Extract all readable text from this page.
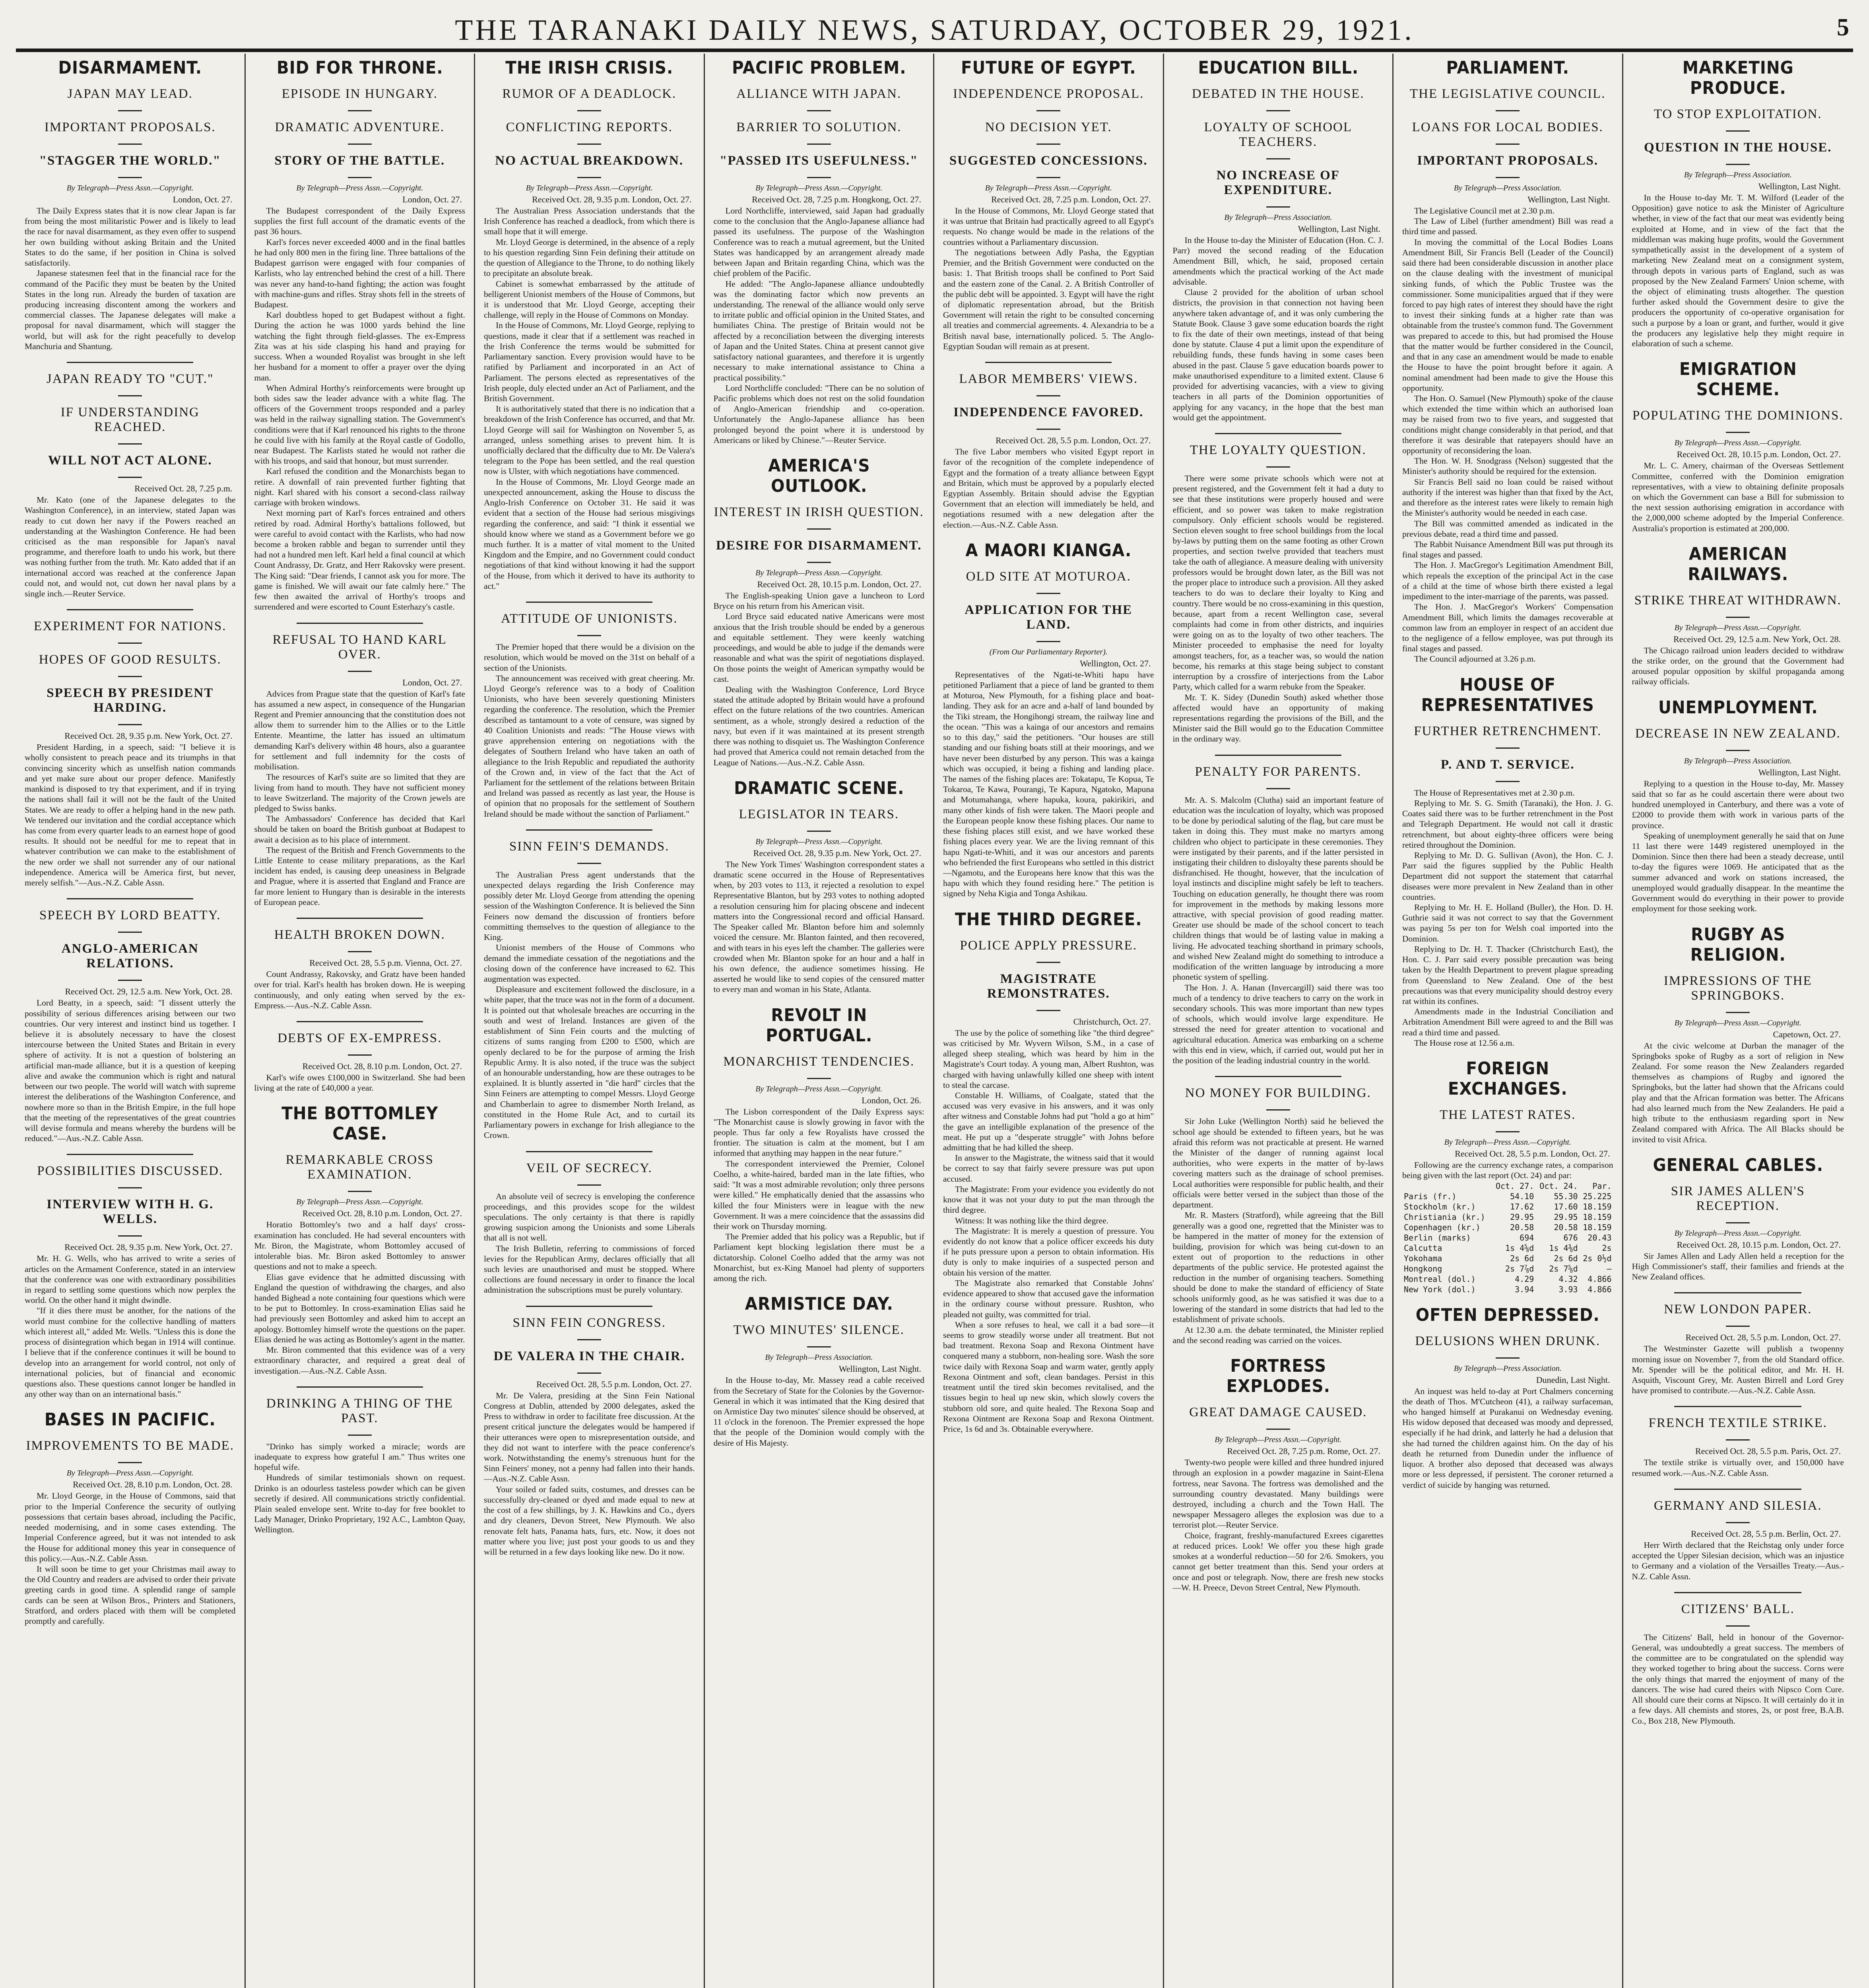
THE TARANAKI DAILY NEWS, SATURDAY, OCTOBER 29, 1921.	5
DISARMAMENT.
JAPAN MAY LEAD.
IMPORTANT PROPOSALS.
"STAGGER THE WORLD."
By Telegraph—Press Assn.—Copyright.
London, Oct. 27.

The Daily Express states that it is now clear Japan is far from being the most militaristic Power and is likely to lead the race for naval disarmament, as they even offer to suspend her own building without asking Britain and the United States to do the same, if her position in China is solved satisfactorily.

Japanese statesmen feel that in the financial race for the command of the Pacific they must be beaten by the United States in the long run. Already the burden of taxation are producing increasing discontent among the workers and commercial classes. The Japanese delegates will make a proposal for naval disarmament, which will stagger the world, but will ask for the right peacefully to develop Manchuria and Shantung.

JAPAN READY TO "CUT."
IF UNDERSTANDING REACHED.
WILL NOT ACT ALONE.
Received Oct. 28, 7.25 p.m.

Mr. Kato (one of the Japanese delegates to the Washington Conference), in an interview, stated Japan was ready to cut down her navy if the Powers reached an understanding at the Washington Conference. He had been criticised as the man responsible for Japan's naval programme, and therefore loath to undo his work, but there was nothing further from the truth. Mr. Kato added that if an international accord was reached at the conference Japan could not, and would not, cut down her naval plans by a single inch.—Reuter Service.

EXPERIMENT FOR NATIONS.
HOPES OF GOOD RESULTS.
SPEECH BY PRESIDENT HARDING.
Received Oct. 28, 9.35 p.m. New York, Oct. 27.

President Harding, in a speech, said: "I believe it is wholly consistent to preach peace and its triumphs in that convincing sincerity which as unselfish nation commands and yet make sure about our proper defence. Manifestly mankind is disposed to try that experiment, and if in trying the nations shall fail it will not be the fault of the United States. We are ready to offer a helping hand in the new path. We tendered our invitation and the cordial acceptance which has come from every quarter leads to an earnest hope of good results. It should not be needful for me to repeat that in whatever contribution we can make to the establishment of the new order we shall not surrender any of our national independence. America will be America first, but never, merely selfish."—Aus.-N.Z. Cable Assn.

SPEECH BY LORD BEATTY.
ANGLO-AMERICAN RELATIONS.
Received Oct. 29, 12.5 a.m. New York, Oct. 28.

Lord Beatty, in a speech, said: "I dissent utterly the possibility of serious differences arising between our two countries. Our very interest and instinct bind us together. I believe it is absolutely necessary to have the closest intercourse between the United States and Britain in every sphere of activity. It is not a question of bolstering an artificial man-made alliance, but it is a question of keeping alive and awake the communion which is right and natural between our two people. The world will watch with supreme interest the deliberations of the Washington Conference, and nowhere more so than in the British Empire, in the full hope that the meeting of the representatives of the great countries will devise formula and means whereby the burdens will be reduced."—Aus.-N.Z. Cable Assn.

POSSIBILITIES DISCUSSED.
INTERVIEW WITH H. G. WELLS.
Received Oct. 28, 9.35 p.m. New York, Oct. 27.

Mr. H. G. Wells, who has arrived to write a series of articles on the Armament Conference, stated in an interview that the conference was one with extraordinary possibilities in regard to settling some questions which now perplex the world. On the other hand it might dwindle.

"If it dies there must be another, for the nations of the world must combine for the collective handling of matters which interest all," added Mr. Wells. "Unless this is done the process of disintegration which began in 1914 will continue. I believe that if the conference continues it will be bound to develop into an arrangement for world control, not only of international policies, but of financial and economic questions also. These questions cannot longer be handled in any other way than on an international basis."

BASES IN PACIFIC.
IMPROVEMENTS TO BE MADE.
By Telegraph—Press Assn.—Copyright.
Received Oct. 28, 8.10 p.m. London, Oct. 28.

Mr. Lloyd George, in the House of Commons, said that prior to the Imperial Conference the security of outlying possessions that certain bases abroad, including the Pacific, needed modernising, and in some cases extending. The Imperial Conference agreed, but it was not intended to ask the House for additional money this year in consequence of this policy.—Aus.-N.Z. Cable Assn.

It will soon be time to get your Christmas mail away to the Old Country and readers are advised to order their private greeting cards in good time. A splendid range of sample cards can be seen at Wilson Bros., Printers and Stationers, Stratford, and orders placed with them will be completed promptly and carefully.

BID FOR THRONE.
EPISODE IN HUNGARY.
DRAMATIC ADVENTURE.
STORY OF THE BATTLE.
By Telegraph—Press Assn.—Copyright.
London, Oct. 27.

The Budapest correspondent of the Daily Express supplies the first full account of the dramatic events of the past 36 hours.

Karl's forces never exceeded 4000 and in the final battles he had only 800 men in the firing line. Three battalions of the Budapest garrison were engaged with four companies of Karlists, who lay entrenched behind the crest of a hill. There was never any hand-to-hand fighting; the action was fought with machine-guns and rifles. Stray shots fell in the streets of Budapest.

Karl doubtless hoped to get Budapest without a fight. During the action he was 1000 yards behind the line watching the fight through field-glasses. The ex-Empress Zita was at his side clasping his hand and praying for success. When a wounded Royalist was brought in she left her husband for a moment to offer a prayer over the dying man.

When Admiral Horthy's reinforcements were brought up both sides saw the leader advance with a white flag. The officers of the Government troops responded and a parley was held in the railway signalling station. The Government's conditions were that if Karl renounced his rights to the throne he could live with his family at the Royal castle of Godollo, near Budapest. The Karlists stated he would not rather die with his troops, and said that honour, but must surrender.

Karl refused the condition and the Monarchists began to retire. A downfall of rain prevented further fighting that night. Karl shared with his consort a second-class railway carriage with broken windows.

Next morning part of Karl's forces entrained and others retired by road. Admiral Horthy's battalions followed, but were careful to avoid contact with the Karlists, who had now become a broken rabble and began to surrender until they had not a hundred men left. Karl held a final council at which Count Andrassy, Dr. Gratz, and Herr Rakovsky were present. The King said: "Dear friends, I cannot ask you for more. The game is finished. We will await our fate calmly here." The few then awaited the arrival of Horthy's troops and surrendered and were escorted to Count Esterhazy's castle.

REFUSAL TO HAND KARL OVER.
London, Oct. 27.

Advices from Prague state that the question of Karl's fate has assumed a new aspect, in consequence of the Hungarian Regent and Premier announcing that the constitution does not allow them to surrender him to the Allies or to the Little Entente. Meantime, the latter has issued an ultimatum demanding Karl's delivery within 48 hours, also a guarantee for settlement and full indemnity for the costs of mobilisation.

The resources of Karl's suite are so limited that they are living from hand to mouth. They have not sufficient money to leave Switzerland. The majority of the Crown jewels are pledged to Swiss banks.

The Ambassadors' Conference has decided that Karl should be taken on board the British gunboat at Budapest to await a decision as to his place of internment.

The request of the British and French Governments to the Little Entente to cease military preparations, as the Karl incident has ended, is causing deep uneasiness in Belgrade and Prague, where it is asserted that England and France are far more lenient to Hungary than is desirable in the interests of European peace.

HEALTH BROKEN DOWN.
Received Oct. 28, 5.5 p.m. Vienna, Oct. 27.

Count Andrassy, Rakovsky, and Gratz have been handed over for trial. Karl's health has broken down. He is weeping continuously, and only eating when served by the ex-Empress.—Aus.-N.Z. Cable Assn.

DEBTS OF EX-EMPRESS.
Received Oct. 28, 8.10 p.m. London, Oct. 27.

Karl's wife owes £100,000 in Switzerland. She had been living at the rate of £40,000 a year.

THE BOTTOMLEY CASE.
REMARKABLE CROSS EXAMINATION.
By Telegraph—Press Assn.—Copyright.
Received Oct. 28, 8.10 p.m. London, Oct. 27.

Horatio Bottomley's two and a half days' cross-examination has concluded. He had several encounters with Mr. Biron, the Magistrate, whom Bottomley accused of intolerable bias. Mr. Biron asked Bottomley to answer questions and not to make a speech.

Elias gave evidence that he admitted discussing with England the question of withdrawing the charges, and also handed Bighead a note containing four questions which were to be put to Bottomley. In cross-examination Elias said he had previously seen Bottomley and asked him to accept an apology. Bottomley himself wrote the questions on the paper. Elias denied he was acting as Bottomley's agent in the matter.

Mr. Biron commented that this evidence was of a very extraordinary character, and required a great deal of investigation.—Aus.-N.Z. Cable Assn.

DRINKING A THING OF THE PAST.

"Drinko has simply worked a miracle; words are inadequate to express how grateful I am." Thus writes one hopeful wife.

Hundreds of similar testimonials shown on request. Drinko is an odourless tasteless powder which can be given secretly if desired. All communications strictly confidential. Plain sealed envelope sent. Write to-day for free booklet to Lady Manager, Drinko Proprietary, 192 A.C., Lambton Quay, Wellington.

THE IRISH CRISIS.
RUMOR OF A DEADLOCK.
CONFLICTING REPORTS.
NO ACTUAL BREAKDOWN.
By Telegraph—Press Assn.—Copyright.
Received Oct. 28, 9.35 p.m. London, Oct. 27.

The Australian Press Association understands that the Irish Conference has reached a deadlock, from which there is small hope that it will emerge.

Mr. Lloyd George is determined, in the absence of a reply to his question regarding Sinn Fein defining their attitude on the question of Allegiance to the Throne, to do nothing likely to precipitate an absolute break.

Cabinet is somewhat embarrassed by the attitude of belligerent Unionist members of the House of Commons, but it is understood that Mr. Lloyd George, accepting their challenge, will reply in the House of Commons on Monday.

In the House of Commons, Mr. Lloyd George, replying to questions, made it clear that if a settlement was reached in the Irish Conference the terms would be submitted for Parliamentary sanction. Every provision would have to be ratified by Parliament and incorporated in an Act of Parliament. The persons elected as representatives of the Irish people, duly elected under an Act of Parliament, and the British Government.

It is authoritatively stated that there is no indication that a breakdown of the Irish Conference has occurred, and that Mr. Lloyd George will sail for Washington on November 5, as arranged, unless something arises to prevent him. It is unofficially declared that the difficulty due to Mr. De Valera's telegram to the Pope has been settled, and the real question now is Ulster, with which negotiations have commenced.

In the House of Commons, Mr. Lloyd George made an unexpected announcement, asking the House to discuss the Anglo-Irish Conference on October 31. He said it was evident that a section of the House had serious misgivings regarding the conference, and said: "I think it essential we should know where we stand as a Government before we go much further. It is a matter of vital moment to the United Kingdom and the Empire, and no Government could conduct negotiations of that kind without knowing it had the support of the House, from which it derived to have its authority to act."

ATTITUDE OF UNIONISTS.

The Premier hoped that there would be a division on the resolution, which would be moved on the 31st on behalf of a section of the Unionists.

The announcement was received with great cheering. Mr. Lloyd George's reference was to a body of Coalition Unionists, who have been severely questioning Ministers regarding the conference. The resolution, which the Premier described as tantamount to a vote of censure, was signed by 40 Coalition Unionists and reads: "The House views with grave apprehension entering on negotiations with the delegates of Southern Ireland who have taken an oath of allegiance to the Irish Republic and repudiated the authority of the Crown and, in view of the fact that the Act of Parliament for the settlement of the relations between Britain and Ireland was passed as recently as last year, the House is of opinion that no proposals for the settlement of Southern Ireland should be made without the sanction of Parliament."

SINN FEIN'S DEMANDS.

The Australian Press agent understands that the unexpected delays regarding the Irish Conference may possibly deter Mr. Lloyd George from attending the opening session of the Washington Conference. It is believed the Sinn Feiners now demand the discussion of frontiers before committing themselves to the question of allegiance to the King.

Unionist members of the House of Commons who demand the immediate cessation of the negotiations and the closing down of the conference have increased to 62. This augmentation was expected.

Displeasure and excitement followed the disclosure, in a white paper, that the truce was not in the form of a document. It is pointed out that wholesale breaches are occurring in the south and west of Ireland. Instances are given of the establishment of Sinn Fein courts and the mulcting of citizens of sums ranging from £200 to £500, which are openly declared to be for the purpose of arming the Irish Republic Army. It is also noted, if the truce was the subject of an honourable understanding, how are these outrages to be explained. It is bluntly asserted in "die hard" circles that the Sinn Feiners are attempting to compel Messrs. Lloyd George and Chamberlain to agree to dismember North Ireland, as constituted in the Home Rule Act, and to curtail its Parliamentary powers in exchange for Irish allegiance to the Crown.

VEIL OF SECRECY.

An absolute veil of secrecy is enveloping the conference proceedings, and this provides scope for the wildest speculations. The only certainty is that there is rapidly growing suspicion among the Unionists and some Liberals that all is not well.

The Irish Bulletin, referring to commissions of forced levies for the Republican Army, declares officially that all such levies are unauthorised and must be stopped. Where collections are found necessary in order to finance the local administration the subscriptions must be purely voluntary.

SINN FEIN CONGRESS.
DE VALERA IN THE CHAIR.
Received Oct. 28, 5.5 p.m. London, Oct. 27.

Mr. De Valera, presiding at the Sinn Fein National Congress at Dublin, attended by 2000 delegates, asked the Press to withdraw in order to facilitate free discussion. At the present critical juncture the delegates would be hampered if their utterances were open to misrepresentation outside, and they did not want to interfere with the peace conference's work. Notwithstanding the enemy's strenuous hunt for the Sinn Feiners' money, not a penny had fallen into their hands.—Aus.-N.Z. Cable Assn.

Your soiled or faded suits, costumes, and dresses can be successfully dry-cleaned or dyed and made equal to new at the cost of a few shillings, by J. K. Hawkins and Co., dyers and dry cleaners, Devon Street, New Plymouth. We also renovate felt hats, Panama hats, furs, etc. Now, it does not matter where you live; just post your goods to us and they will be returned in a few days looking like new. Do it now.

PACIFIC PROBLEM.
ALLIANCE WITH JAPAN.
BARRIER TO SOLUTION.
"PASSED ITS USEFULNESS."
By Telegraph—Press Assn.—Copyright.
Received Oct. 28, 7.25 p.m. Hongkong, Oct. 27.

Lord Northcliffe, interviewed, said Japan had gradually come to the conclusion that the Anglo-Japanese alliance had passed its usefulness. The purpose of the Washington Conference was to reach a mutual agreement, but the United States was handicapped by an arrangement already made between Japan and Britain regarding China, which was the chief problem of the Pacific.

He added: "The Anglo-Japanese alliance undoubtedly was the dominating factor which now prevents an understanding. The renewal of the alliance would only serve to irritate public and official opinion in the United States, and humiliates China. The prestige of Britain would not be affected by a reconciliation between the diverging interests of Japan and the United States. China at present cannot give satisfactory national guarantees, and therefore it is urgently necessary to make international assistance to China a practical possibility."

Lord Northcliffe concluded: "There can be no solution of Pacific problems which does not rest on the solid foundation of Anglo-American friendship and co-operation. Unfortunately the Anglo-Japanese alliance has been prolonged beyond the point where it is understood by Americans or liked by Chinese."—Reuter Service.

AMERICA'S OUTLOOK.
INTEREST IN IRISH QUESTION.
DESIRE FOR DISARMAMENT.
By Telegraph—Press Assn.—Copyright.
Received Oct. 28, 10.15 p.m. London, Oct. 27.

The English-speaking Union gave a luncheon to Lord Bryce on his return from his American visit.

Lord Bryce said educated native Americans were most anxious that the Irish trouble should be ended by a generous and equitable settlement. They were keenly watching proceedings, and would be able to judge if the demands were reasonable and what was the spirit of negotiations displayed. On those points the weight of American sympathy would be cast.

Dealing with the Washington Conference, Lord Bryce stated the attitude adopted by Britain would have a profound effect on the future relations of the two countries. American sentiment, as a whole, strongly desired a reduction of the navy, but even if it was maintained at its present strength there was nothing to disquiet us. The Washington Conference had proved that America could not remain detached from the League of Nations.—Aus.-N.Z. Cable Assn.

DRAMATIC SCENE.
LEGISLATOR IN TEARS.
By Telegraph—Press Assn.—Copyright.
Received Oct. 28, 9.35 p.m. New York, Oct. 27.

The New York Times' Washington correspondent states a dramatic scene occurred in the House of Representatives when, by 203 votes to 113, it rejected a resolution to expel Representative Blanton, but by 293 votes to nothing adopted a resolution censuring him for placing obscene and indecent matters into the Congressional record and official Hansard. The Speaker called Mr. Blanton before him and solemnly voiced the censure. Mr. Blanton fainted, and then recovered, and with tears in his eyes left the chamber. The galleries were crowded when Mr. Blanton spoke for an hour and a half in his own defence, the audience sometimes hissing. He asserted he would like to send copies of the censured matter to every man and woman in his State, Atlanta.

REVOLT IN PORTUGAL.
MONARCHIST TENDENCIES.
By Telegraph—Press Assn.—Copyright.
London, Oct. 26.

The Lisbon correspondent of the Daily Express says: "The Monarchist cause is slowly growing in favor with the people. Thus far only a few Royalists have crossed the frontier. The situation is calm at the moment, but I am informed that anything may happen in the near future."

The correspondent interviewed the Premier, Colonel Coelho, a white-haired, barded man in the late fifties, who said: "It was a most admirable revolution; only three persons were killed." He emphatically denied that the assassins who killed the four Ministers were in league with the new Government. It was a mere coincidence that the assassins did their work on Thursday morning.

The Premier added that his policy was a Republic, but if Parliament kept blocking legislation there must be a dictatorship. Colonel Coelho added that the army was not Monarchist, but ex-King Manoel had plenty of supporters among the rich.

ARMISTICE DAY.
TWO MINUTES' SILENCE.
By Telegraph—Press Association.
Wellington, Last Night.

In the House to-day, Mr. Massey read a cable received from the Secretary of State for the Colonies by the Governor-General in which it was intimated that the King desired that on Armistice Day two minutes' silence should be observed, at 11 o'clock in the forenoon. The Premier expressed the hope that the people of the Dominion would comply with the desire of His Majesty.

FUTURE OF EGYPT.
INDEPENDENCE PROPOSAL.
NO DECISION YET.
SUGGESTED CONCESSIONS.
By Telegraph—Press Assn.—Copyright.
Received Oct. 28, 7.25 p.m. London, Oct. 27.

In the House of Commons, Mr. Lloyd George stated that it was untrue that Britain had practically agreed to all Egypt's requests. No change would be made in the relations of the countries without a Parliamentary discussion.

The negotiations between Adly Pasha, the Egyptian Premier, and the British Government were conducted on the basis: 1. That British troops shall be confined to Port Said and the eastern zone of the Canal. 2. A British Controller of the public debt will be appointed. 3. Egypt will have the right of diplomatic representation abroad, but the British Government will retain the right to be consulted concerning all treaties and commercial agreements. 4. Alexandria to be a British naval base, internationally policed. 5. The Anglo-Egyptian Soudan will remain as at present.

LABOR MEMBERS' VIEWS.
INDEPENDENCE FAVORED.
Received Oct. 28, 5.5 p.m. London, Oct. 27.

The five Labor members who visited Egypt report in favor of the recognition of the complete independence of Egypt and the formation of a treaty alliance between Egypt and Britain, which must be approved by a popularly elected Egyptian Assembly. Britain should advise the Egyptian Government that an election will immediately be held, and negotiations resumed with a new delegation after the election.—Aus.-N.Z. Cable Assn.

A MAORI KIANGA.
OLD SITE AT MOTUROA.
APPLICATION FOR THE LAND.
(From Our Parliamentary Reporter).
Wellington, Oct. 27.

Representatives of the Ngati-te-Whiti hapu have petitioned Parliament that a piece of land be granted to them at Moturoa, New Plymouth, for a fishing place and boat-landing. They ask for an acre and a-half of land bounded by the Tiki stream, the Hongihongi stream, the railway line and the ocean. "This was a kainga of our ancestors and remains so to this day," said the petitioners. "Our houses are still standing and our fishing boats still at their moorings, and we have never been disturbed by any person. This was a kainga which was occupied, it being a fishing and landing place. The names of the fishing places are: Tokatapu, Te Kopua, Te Tokaroa, Te Kawa, Pourangi, Te Kapura, Ngatoko, Mapuna and Motumahanga, where hapuka, koura, pakirikiri, and many other kinds of fish were taken. The Maori people and the European people know these fishing places. Our name to these fishing places still exist, and we have worked these fishing places every year. We are the living remnant of this hapu Ngati-te-Whiti, and it was our ancestors and parents who befriended the first Europeans who settled in this district—Ngamotu, and the Europeans here know that this was the hapu with which they found residing here." The petition is signed by Neha Kigia and Tonga Ashikau.

THE THIRD DEGREE.
POLICE APPLY PRESSURE.
MAGISTRATE REMONSTRATES.
Christchurch, Oct. 27.

The use by the police of something like "the third degree" was criticised by Mr. Wyvern Wilson, S.M., in a case of alleged sheep stealing, which was heard by him in the Magistrate's Court today. A young man, Albert Rushton, was charged with having unlawfully killed one sheep with intent to steal the carcase.

Constable H. Williams, of Coalgate, stated that the accused was very evasive in his answers, and it was only after witness and Constable Johns had put "hold a go at him" the gave an intelligible explanation of the presence of the meat. He put up a "desperate struggle" with Johns before admitting that he had killed the sheep.

In answer to the Magistrate, the witness said that it would be correct to say that fairly severe pressure was put upon accused.

The Magistrate: From your evidence you evidently do not know that it was not your duty to put the man through the third degree.

Witness: It was nothing like the third degree.

The Magistrate: It is merely a question of pressure. You evidently do not know that a police officer exceeds his duty if he puts pressure upon a person to obtain information. His duty is only to make inquiries of a suspected person and obtain his version of the matter.

The Magistrate also remarked that Constable Johns' evidence appeared to show that accused gave the information in the ordinary course without pressure. Rushton, who pleaded not guilty, was committed for trial.

When a sore refuses to heal, we call it a bad sore—it seems to grow steadily worse under all treatment. But not bad treatment. Rexona Soap and Rexona Ointment have conquered many a stubborn, non-healing sore. Wash the sore twice daily with Rexona Soap and warm water, gently apply Rexona Ointment and soft, clean bandages. Persist in this treatment until the tired skin becomes revitalised, and the tissues begin to heal up new skin, which slowly covers the stubborn old sore, and quite healed. The Rexona Soap and Rexona Ointment are Rexona Soap and Rexona Ointment. Price, 1s 6d and 3s. Obtainable everywhere.

EDUCATION BILL.
DEBATED IN THE HOUSE.
LOYALTY OF SCHOOL TEACHERS.
NO INCREASE OF EXPENDITURE.
By Telegraph—Press Association.
Wellington, Last Night.

In the House to-day the Minister of Education (Hon. C. J. Parr) moved the second reading of the Education Amendment Bill, which, he said, proposed certain amendments which the practical working of the Act made advisable.

Clause 2 provided for the abolition of urban school districts, the provision in that connection not having been anywhere taken advantage of, and it was only cumbering the Statute Book. Clause 3 gave some education boards the right to fix the date of their own meetings, instead of that being done by statute. Clause 4 put a limit upon the expenditure of rebuilding funds, these funds having in some cases been abused in the past. Clause 5 gave education boards power to make unauthorised expenditure to a limited extent. Clause 6 provided for advertising vacancies, with a view to giving teachers in all parts of the Dominion opportunities of applying for any vacancy, in the hope that the best man would get the appointment.

THE LOYALTY QUESTION.

There were some private schools which were not at present registered, and the Government felt it had a duty to see that these institutions were properly housed and were efficient, and so power was taken to make registration compulsory. Only efficient schools would be registered. Section eleven sought to free school buildings from the local by-laws by putting them on the same footing as other Crown properties, and section twelve provided that teachers must take the oath of allegiance. A measure dealing with university professors would be brought down later, as the Bill was not the proper place to introduce such a provision. All they asked teachers to do was to declare their loyalty to King and country. There would be no cross-examining in this question, because, apart from a recent Wellington case, several complaints had come in from other districts, and inquiries were going on as to the loyalty of two other teachers. The Minister proceeded to emphasise the need for loyalty amongst teachers, for, as a teacher was, so would the nation become, his remarks at this stage being subject to constant interruption by a crossfire of interjections from the Labor Party, which called for a warm rebuke from the Speaker.

Mr. T. K. Sidey (Dunedin South) asked whether those affected would have an opportunity of making representations regarding the provisions of the Bill, and the Minister said the Bill would go to the Education Committee in the ordinary way.

PENALTY FOR PARENTS.

Mr. A. S. Malcolm (Clutha) said an important feature of education was the inculcation of loyalty, which was proposed to be done by periodical saluting of the flag, but care must be taken in doing this. They must make no martyrs among children who object to participate in these ceremonies. They were instigated by their parents, and if the latter persisted in instigating their children to disloyalty these parents should be disfranchised. He thought, however, that the inculcation of loyal instincts and discipline might safely be left to teachers. Touching on education generally, he thought there was room for improvement in the methods by making lessons more attractive, with special provision of good reading matter. Greater use should be made of the school concert to teach children things that would be of lasting value in making a living. He advocated teaching shorthand in primary schools, and wished New Zealand might do something to introduce a modification of the written language by introducing a more phonetic system of spelling.

The Hon. J. A. Hanan (Invercargill) said there was too much of a tendency to drive teachers to carry on the work in secondary schools. This was more important than new types of schools, which would involve large expenditure. He stressed the need for greater attention to vocational and agricultural education. America was embarking on a scheme with this end in view, which, if carried out, would put her in the position of the leading industrial country in the world.

NO MONEY FOR BUILDING.

Sir John Luke (Wellington North) said he believed the school age should be extended to fifteen years, but he was afraid this reform was not practicable at present. He warned the Minister of the danger of running against local authorities, who were experts in the matter of by-laws covering matters such as the drainage of school premises. Local authorities were responsible for public health, and their officials were better versed in the subject than those of the department.

Mr. R. Masters (Stratford), while agreeing that the Bill generally was a good one, regretted that the Minister was to be hampered in the matter of money for the extension of building, provision for which was being cut-down to an extent out of proportion to the reductions in other departments of the public service. He protested against the reduction in the number of organising teachers. Something should be done to make the standard of efficiency of State schools uniformly good, as he was satisfied it was due to a lowering of the standard in some districts that had led to the establishment of private schools.

At 12.30 a.m. the debate terminated, the Minister replied and the second reading was carried on the voices.

FORTRESS EXPLODES.
GREAT DAMAGE CAUSED.
By Telegraph—Press Assn.—Copyright.
Received Oct. 28, 7.25 p.m. Rome, Oct. 27.

Twenty-two people were killed and three hundred injured through an explosion in a powder magazine in Saint-Elena fortress, near Savona. The fortress was demolished and the surrounding country devastated. Many buildings were destroyed, including a church and the Town Hall. The newspaper Messagero alleges the explosion was due to a terrorist plot.—Reuter Service.

Choice, fragrant, freshly-manufactured Exrees cigarettes at reduced prices. Look! We offer you these high grade smokes at a wonderful reduction—50 for 2/6. Smokers, you cannot get better treatment than this. Send your orders at once and post or telegraph. Now, there are fresh new stocks—W. H. Preece, Devon Street Central, New Plymouth.

PARLIAMENT.
THE LEGISLATIVE COUNCIL.
LOANS FOR LOCAL BODIES.
IMPORTANT PROPOSALS.
By Telegraph—Press Association.
Wellington, Last Night.

The Legislative Council met at 2.30 p.m.

The Law of Libel (further amendment) Bill was read a third time and passed.

In moving the committal of the Local Bodies Loans Amendment Bill, Sir Francis Bell (Leader of the Council) said there had been considerable discussion in another place on the clause dealing with the investment of municipal sinking funds, of which the Public Trustee was the commissioner. Some municipalities argued that if they were forced to pay high rates of interest they should have the right to invest their sinking funds at a higher rate than was obtainable from the trustee's common fund. The Government was prepared to accede to this, but had promised the House that the matter would be further considered in the Council, and that in any case an amendment would be made to enable the House to have the point brought before it again. A nominal amendment had been made to give the House this opportunity.

The Hon. O. Samuel (New Plymouth) spoke of the clause which extended the time within which an authorised loan may be raised from two to five years, and suggested that conditions might change considerably in that period, and that therefore it was desirable that ratepayers should have an opportunity of reconsidering the loan.

The Hon. W. H. Snodgrass (Nelson) suggested that the Minister's authority should be required for the extension.

Sir Francis Bell said no loan could be raised without authority if the interest was higher than that fixed by the Act, and therefore as the interest rates were likely to remain high the Minister's authority would be needed in each case.

The Bill was committed amended as indicated in the previous debate, read a third time and passed.

The Rabbit Nuisance Amendment Bill was put through its final stages and passed.

The Hon. J. MacGregor's Legitimation Amendment Bill, which repeals the exception of the principal Act in the case of a child at the time of whose birth there existed a legal impediment to the inter-marriage of the parents, was passed.

The Hon. J. MacGregor's Workers' Compensation Amendment Bill, which limits the damages recoverable at common law from an employer in respect of an accident due to the negligence of a fellow employee, was put through its final stages and passed.

The Council adjourned at 3.26 p.m.

HOUSE OF REPRESENTATIVES
FURTHER RETRENCHMENT.
P. AND T. SERVICE.

The House of Representatives met at 2.30 p.m.

Replying to Mr. S. G. Smith (Taranaki), the Hon. J. G. Coates said there was to be further retrenchment in the Post and Telegraph Department. He would not call it drastic retrenchment, but about eighty-three officers were being retired throughout the Dominion.

Replying to Mr. D. G. Sullivan (Avon), the Hon. C. J. Parr said the figures supplied by the Public Health Department did not support the statement that catarrhal diseases were more prevalent in New Zealand than in other countries.

Replying to Mr. H. E. Holland (Buller), the Hon. D. H. Guthrie said it was not correct to say that the Government was paying 5s per ton for Welsh coal imported into the Dominion.

Replying to Dr. H. T. Thacker (Christchurch East), the Hon. C. J. Parr said every possible precaution was being taken by the Health Department to prevent plague spreading from Queensland to New Zealand. One of the best precautions was that every municipality should destroy every rat within its confines.

Amendments made in the Industrial Conciliation and Arbitration Amendment Bill were agreed to and the Bill was read a third time and passed.

The House rose at 12.56 a.m.

FOREIGN EXCHANGES.
THE LATEST RATES.
By Telegraph—Press Assn.—Copyright.
Received Oct. 28, 5.5 p.m. London, Oct. 27.

Following are the currency exchange rates, a comparison being given with the last report (Oct. 24) and par:

	Oct. 27.	Oct. 24.	Par.
Paris (fr.)	54.10	55.30	25.225
Stockholm (kr.)	17.62	17.60	18.159
Christiania (kr.)	29.95	29.95	18.159
Copenhagen (kr.)	20.58	20.58	18.159
Berlin (marks)	694	676	20.43
Calcutta	1s 4⅝d	1s 4⅜d	2s
Yokohama	2s 6d	2s 6d	2s 0½d
Hongkong	2s 7⅞d	2s 7⅝d	—
Montreal (dol.)	4.29	4.32	4.866
New York (dol.)	3.94	3.93	4.866
OFTEN DEPRESSED.
DELUSIONS WHEN DRUNK.
By Telegraph—Press Association.
Dunedin, Last Night.

An inquest was held to-day at Port Chalmers concerning the death of Thos. M'Cutcheon (41), a railway surfaceman, who hanged himself at Purakanui on Wednesday evening. His widow deposed that deceased was moody and depressed, especially if he had drink, and latterly he had a delusion that she had turned the children against him. On the day of his death he returned from Dunedin under the influence of liquor. A brother also deposed that deceased was always more or less depressed, if persistent. The coroner returned a verdict of suicide by hanging was returned.

MARKETING PRODUCE.
TO STOP EXPLOITATION.
QUESTION IN THE HOUSE.
By Telegraph—Press Association.
Wellington, Last Night.

In the House to-day Mr. T. M. Wilford (Leader of the Opposition) gave notice to ask the Minister of Agriculture whether, in view of the fact that our meat was evidently being exploited at Home, and in view of the fact that the middleman was making huge profits, would the Government sympathetically assist in the development of a system of marketing New Zealand meat on a consignment system, through depots in various parts of England, such as was proposed by the New Zealand Farmers' Union scheme, with the object of eliminating trusts altogether. The question further asked should the Government desire to give the producers the opportunity of co-operative organisation for such a purpose by a loan or grant, and further, would it give the producers any legislative help they might require in elaboration of such a scheme.

EMIGRATION SCHEME.
POPULATING THE DOMINIONS.
By Telegraph—Press Assn.—Copyright.
Received Oct. 28, 10.15 p.m. London, Oct. 27.

Mr. L. C. Amery, chairman of the Overseas Settlement Committee, conferred with the Dominion emigration representatives, with a view to obtaining definite proposals on which the Government can base a Bill for submission to the next session authorising emigration in accordance with the 2,000,000 scheme adopted by the Imperial Conference. Australia's proportion is estimated at 200,000.

AMERICAN RAILWAYS.
STRIKE THREAT WITHDRAWN.
By Telegraph—Press Assn.—Copyright.
Received Oct. 29, 12.5 a.m. New York, Oct. 28.

The Chicago railroad union leaders decided to withdraw the strike order, on the ground that the Government had aroused popular opposition by skilful propaganda among railway officials.

UNEMPLOYMENT.
DECREASE IN NEW ZEALAND.
By Telegraph—Press Association.
Wellington, Last Night.

Replying to a question in the House to-day, Mr. Massey said that so far as he could ascertain there were about two hundred unemployed in Canterbury, and there was a vote of £2000 to provide them with work in various parts of the province.

Speaking of unemployment generally he said that on June 11 last there were 1449 registered unemployed in the Dominion. Since then there had been a steady decrease, until to-day the figures were 1069. He anticipated that as the summer advanced and work on stations increased, the unemployed would gradually disappear. In the meantime the Government would do everything in their power to provide employment for those seeking work.

RUGBY AS RELIGION.
IMPRESSIONS OF THE SPRINGBOKS.
By Telegraph—Press Assn.—Copyright.
Capetown, Oct. 27.

At the civic welcome at Durban the manager of the Springboks spoke of Rugby as a sort of religion in New Zealand. For some reason the New Zealanders regarded themselves as champions of Rugby and ignored the Springboks, but the latter had shown that the Africans could play and that the African formation was better. The Africans had also learned much from the New Zealanders. He paid a high tribute to the enthusiasm regarding sport in New Zealand compared with Africa. The All Blacks should be invited to visit Africa.

GENERAL CABLES.
SIR JAMES ALLEN'S RECEPTION.
By Telegraph—Press Assn.—Copyright.
Received Oct. 28, 10.15 p.m. London, Oct. 27.

Sir James Allen and Lady Allen held a reception for the High Commissioner's staff, their families and friends at the New Zealand offices.

NEW LONDON PAPER.
Received Oct. 28, 5.5 p.m. London, Oct. 27.

The Westminster Gazette will publish a twopenny morning issue on November 7, from the old Standard office. Mr. Spender will be the political editor, and Mr. H. H. Asquith, Viscount Grey, Mr. Austen Birrell and Lord Grey have promised to contribute.—Aus.-N.Z. Cable Assn.

FRENCH TEXTILE STRIKE.
Received Oct. 28, 5.5 p.m. Paris, Oct. 27.

The textile strike is virtually over, and 150,000 have resumed work.—Aus.-N.Z. Cable Assn.

GERMANY AND SILESIA.
Received Oct. 28, 5.5 p.m. Berlin, Oct. 27.

Herr Wirth declared that the Reichstag only under force accepted the Upper Silesian decision, which was an injustice to Germany and a violation of the Versailles Treaty.—Aus.-N.Z. Cable Assn.

CITIZENS' BALL.

The Citizens' Ball, held in honour of the Governor-General, was undoubtedly a great success. The members of the committee are to be congratulated on the splendid way they worked together to bring about the success. Corns were the only things that marred the enjoyment of many of the dancers. The wise had cured theirs with Nipsco Corn Cure. All should cure their corns at Nipsco. It will certainly do it in a few days. All chemists and stores, 2s, or post free, B.A.B. Co., Box 218, New Plymouth.
